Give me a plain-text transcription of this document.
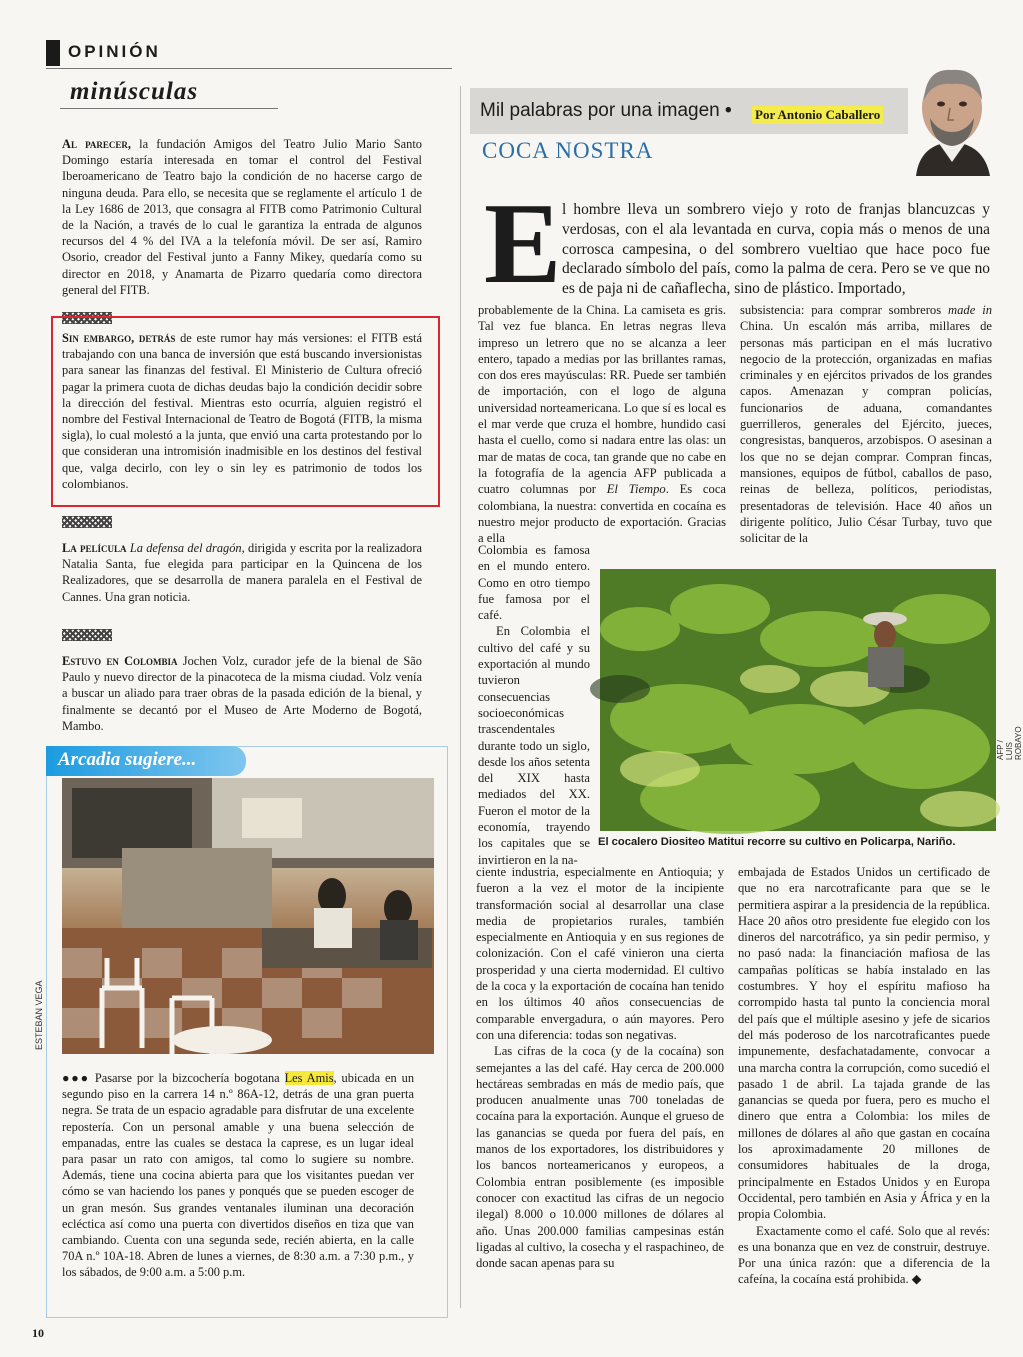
OPINIÓN
minúsculas

Al parecer, la fundación Amigos del Teatro Julio Mario Santo Domingo estaría interesada en tomar el control del Festival Iberoamericano de Teatro bajo la condición de no hacerse cargo de ninguna deuda. Para ello, se necesita que se reglamente el artículo 1 de la Ley 1686 de 2013, que consagra al FITB como Patrimonio Cultural de la Nación, a través de lo cual le garantiza la entrada de algunos recursos del 4 % del IVA a la telefonía móvil. De ser así, Ramiro Osorio, creador del Festival junto a Fanny Mikey, quedaría como su director en 2018, y Anamarta de Pizarro quedaría como directora general del FITB.

Sin embargo, detrás de este rumor hay más versiones: el FITB está trabajando con una banca de inversión que está buscando inversionistas para sanear las finanzas del festival. El Ministerio de Cultura ofreció pagar la primera cuota de dichas deudas bajo la condición decidir sobre la dirección del festival. Mientras esto ocurría, alguien registró el nombre del Festival Internacional de Teatro de Bogotá (FITB, la misma sigla), lo cual molestó a la junta, que envió una carta protestando por lo que consideran una intromisión inadmisible en los destinos del festival que, valga decirlo, con ley o sin ley es patrimonio de todos los colombianos.

La película La defensa del dragón, dirigida y escrita por la realizadora Natalia Santa, fue elegida para participar en la Quincena de los Realizadores, que se desarrolla de manera paralela en el Festival de Cannes. Una gran noticia.

Estuvo en Colombia Jochen Volz, curador jefe de la bienal de São Paulo y nuevo director de la pinacoteca de la misma ciudad. Volz venía a buscar un aliado para traer obras de la pasada edición de la bienal, y finalmente se decantó por el Museo de Arte Moderno de Bogotá, Mambo.

Arcadia sugiere...
ESTEBAN VEGA

●●● Pasarse por la bizcochería bogotana Les Amis, ubicada en un segundo piso en la carrera 14 n.º 86A-12, detrás de una gran puerta negra. Se trata de un espacio agradable para disfrutar de una excelente repostería. Con un personal amable y una buena selección de empanadas, entre las cuales se destaca la caprese, es un lugar ideal para pasar un rato con amigos, tal como lo sugiere su nombre. Además, tiene una cocina abierta para que los visitantes puedan ver cómo se van haciendo los panes y ponqués que se pueden escoger de un gran mesón. Sus grandes ventanales iluminan una decoración ecléctica así como una puerta con divertidos diseños en tiza que van cambiando. Cuenta con una segunda sede, recién abierta, en la calle 70A n.º 10A-18. Abren de lunes a viernes, de 8:30 a.m. a 7:30 p.m., y los sábados, de 9:00 a.m. a 5:00 p.m.

Mil palabras por una imagen • Por Antonio Caballero
COCA NOSTRA
E l hombre lleva un sombrero viejo y roto de franjas blancuzcas y verdosas, con el ala levantada en curva, copia más o menos de una corrosca campesina, o del sombrero vueltiao que hace poco fue declarado símbolo del país, como la palma de cera. Pero se ve que no es de paja ni de cañaflecha, sino de plástico. Importado,

probablemente de la China. La camiseta es gris. Tal vez fue blanca. En letras negras lleva impreso un letrero que no se alcanza a leer entero, tapado a medias por las brillantes ramas, con dos eres mayúsculas: RR. Puede ser también de importación, con el logo de alguna universidad norteamericana. Lo que sí es local es el mar verde que cruza el hombre, hundido casi hasta el cuello, como si nadara entre las olas: un mar de matas de coca, tan grande que no cabe en la fotografía de la agencia AFP publicada a cuatro columnas por El Tiempo. Es coca colombiana, la nuestra: convertida en cocaína es nuestro mejor producto de exportación. Gracias a ella

Colombia es famosa en el mundo entero. Como en otro tiempo fue famosa por el café.

En Colombia el cultivo del café y su exportación al mundo tuvieron consecuencias socioeconómicas trascendentales durante todo un siglo, desde los años setenta del XIX hasta mediados del XX. Fueron el motor de la economía, trayendo los capitales que se invirtieron en la na-

ciente industria, especialmente en Antioquia; y fueron a la vez el motor de la incipiente transformación social al desarrollar una clase media de propietarios rurales, también especialmente en Antioquia y en sus regiones de colonización. Con el café vinieron una cierta prosperidad y una cierta modernidad. El cultivo de la coca y la exportación de cocaína han tenido en los últimos 40 años consecuencias de comparable envergadura, o aún mayores. Pero con una diferencia: todas son negativas.

Las cifras de la coca (y de la cocaína) son semejantes a las del café. Hay cerca de 200.000 hectáreas sembradas en más de medio país, que producen anualmente unas 700 toneladas de cocaína para la exportación. Aunque el grueso de las ganancias se queda por fuera del país, en manos de los exportadores, los distribuidores y los bancos norteamericanos y europeos, a Colombia entran posiblemente (es imposible conocer con exactitud las cifras de un negocio ilegal) 8.000 o 10.000 millones de dólares al año. Unas 200.000 familias campesinas están ligadas al cultivo, la cosecha y el raspachineo, de donde sacan apenas para su

subsistencia: para comprar sombreros made in China. Un escalón más arriba, millares de personas más participan en el más lucrativo negocio de la protección, organizadas en mafias criminales y en ejércitos privados de los grandes capos. Amenazan y compran policías, funcionarios de aduana, comandantes guerrilleros, generales del Ejército, jueces, congresistas, banqueros, arzobispos. O asesinan a los que no se dejan comprar. Compran fincas, mansiones, equipos de fútbol, caballos de paso, reinas de belleza, políticos, periodistas, presentadoras de televisión. Hace 40 años un dirigente político, Julio César Turbay, tuvo que solicitar de la

AFP / LUIS ROBAYO
El cocalero Diositeo Matitui recorre su cultivo en Policarpa, Nariño.

embajada de Estados Unidos un certificado de que no era narcotraficante para que se le permitiera aspirar a la presidencia de la república. Hace 20 años otro presidente fue elegido con los dineros del narcotráfico, ya sin pedir permiso, y no pasó nada: la financiación mafiosa de las campañas políticas se había instalado en las costumbres. Y hoy el espíritu mafioso ha corrompido hasta tal punto la conciencia moral del país que el múltiple asesino y jefe de sicarios del más poderoso de los narcotraficantes puede impunemente, desfachatadamente, convocar a una marcha contra la corrupción, como sucedió el pasado 1 de abril. La tajada grande de las ganancias se queda por fuera, pero es mucho el dinero que entra a Colombia: los miles de millones de dólares al año que gastan en cocaína los aproximadamente 20 millones de consumidores habituales de la droga, principalmente en Estados Unidos y en Europa Occidental, pero también en Asia y África y en la propia Colombia.

Exactamente como el café. Solo que al revés: es una bonanza que en vez de construir, destruye. Por una única razón: que a diferencia de la cafeína, la cocaína está prohibida. ◆

10
